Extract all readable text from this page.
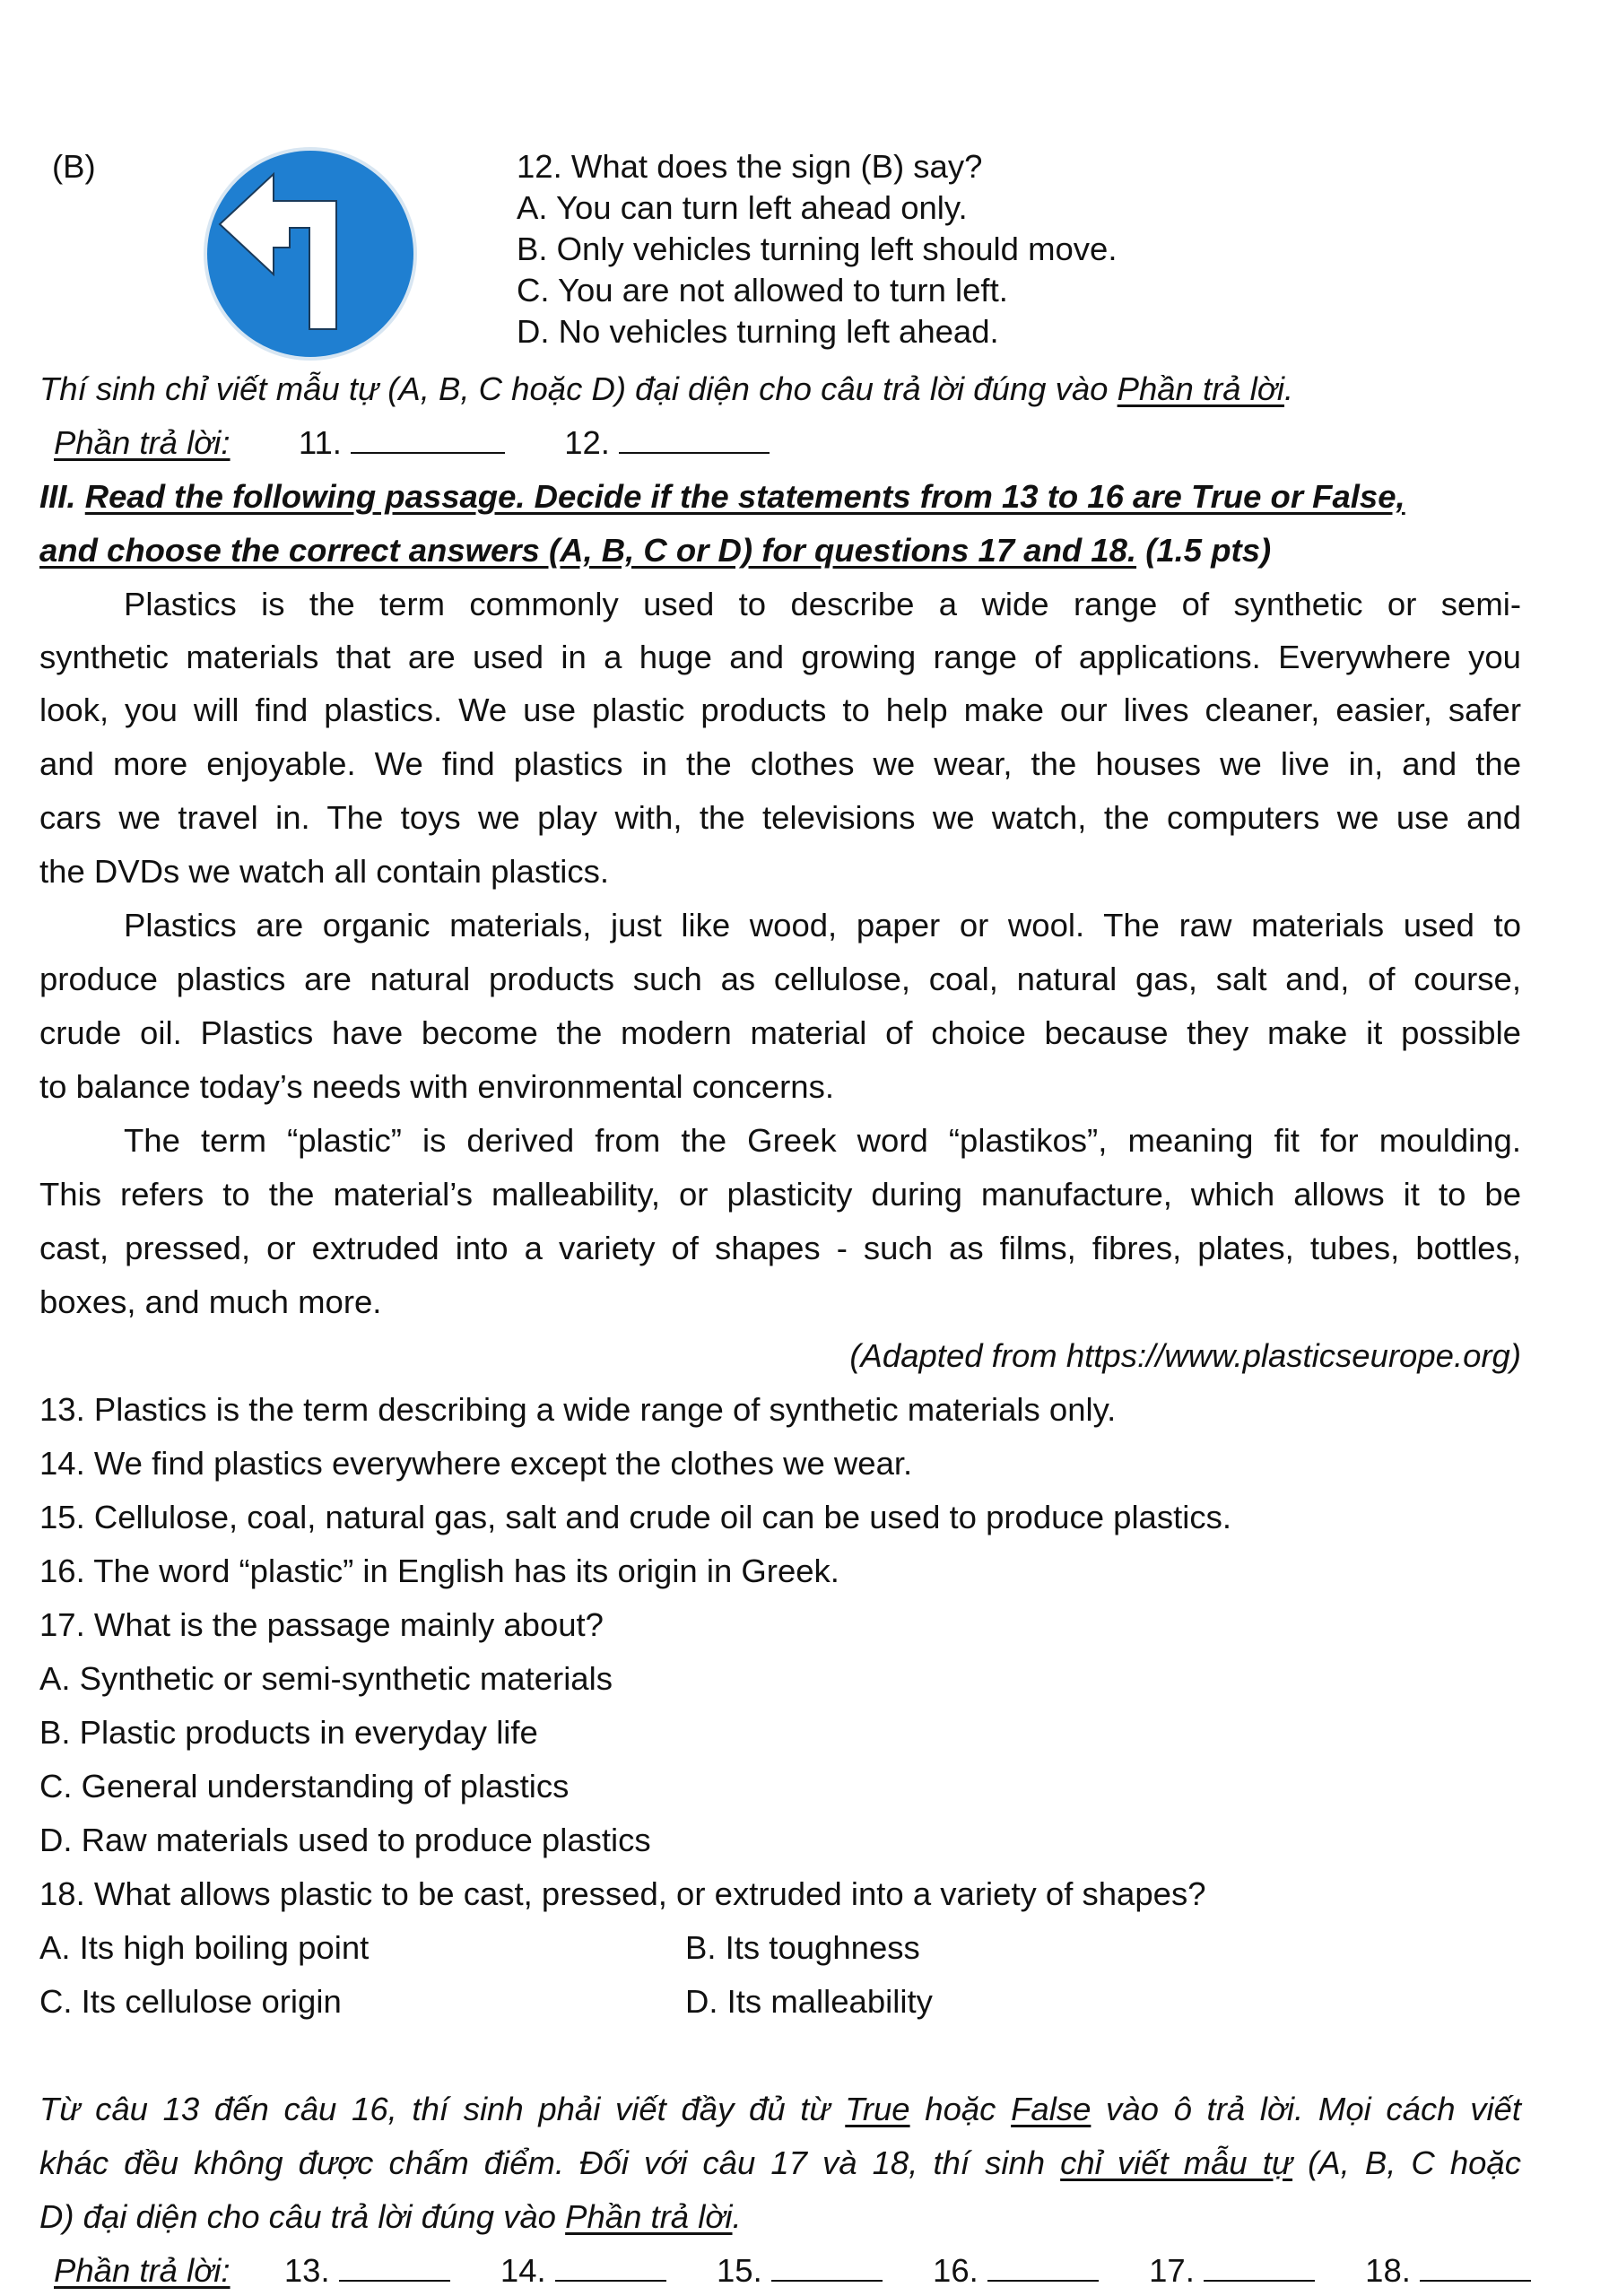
(B)	12. What does the sign (B) say?
A. You can turn left ahead only.
B. Only vehicles turning left should move.
C. You are not allowed to turn left.
D. No vehicles turning left ahead.
Thí sinh chỉ viết mẫu tự (A, B, C hoặc D) đại diện cho câu trả lời đúng vào Phần trả lời.
Phần trả lời: 11.	12.
III. Read the following passage. Decide if the statements from 13 to 16 are True or False,
and choose the correct answers (A, B, C or D) for questions 17 and 18. (1.5 pts)
Plastics is the term commonly used to describe a wide range of synthetic or semi-
synthetic materials that are used in a huge and growing range of applications. Everywhere you
look, you will find plastics. We use plastic products to help make our lives cleaner, easier, safer
and more enjoyable. We find plastics in the clothes we wear, the houses we live in, and the
cars we travel in. The toys we play with, the televisions we watch, the computers we use and
the DVDs we watch all contain plastics.
Plastics are organic materials, just like wood, paper or wool. The raw materials used to
produce plastics are natural products such as cellulose, coal, natural gas, salt and, of course,
crude oil. Plastics have become the modern material of choice because they make it possible
to balance today’s needs with environmental concerns.
The term “plastic” is derived from the Greek word “plastikos”, meaning fit for moulding.
This refers to the material’s malleability, or plasticity during manufacture, which allows it to be
cast, pressed, or extruded into a variety of shapes - such as films, fibres, plates, tubes, bottles,
boxes, and much more.
(Adapted from https://www.plasticseurope.org)
13. Plastics is the term describing a wide range of synthetic materials only.
14. We find plastics everywhere except the clothes we wear.
15. Cellulose, coal, natural gas, salt and crude oil can be used to produce plastics.
16. The word “plastic” in English has its origin in Greek.
17. What is the passage mainly about?
A. Synthetic or semi-synthetic materials
B. Plastic products in everyday life
C. General understanding of plastics
D. Raw materials used to produce plastics
18. What allows plastic to be cast, pressed, or extruded into a variety of shapes?
A. Its high boiling point	B. Its toughness
C. Its cellulose origin	D. Its malleability
Từ câu 13 đến câu 16, thí sinh phải viết đầy đủ từ True hoặc False vào ô trả lời. Mọi cách viết
khác đều không được chấm điểm. Đối với câu 17 và 18, thí sinh chỉ viết mẫu tự (A, B, C hoặc
D) đại diện cho câu trả lời đúng vào Phần trả lời.
Phần trả lời: 13.	14.	15.	16.	17.	18.
